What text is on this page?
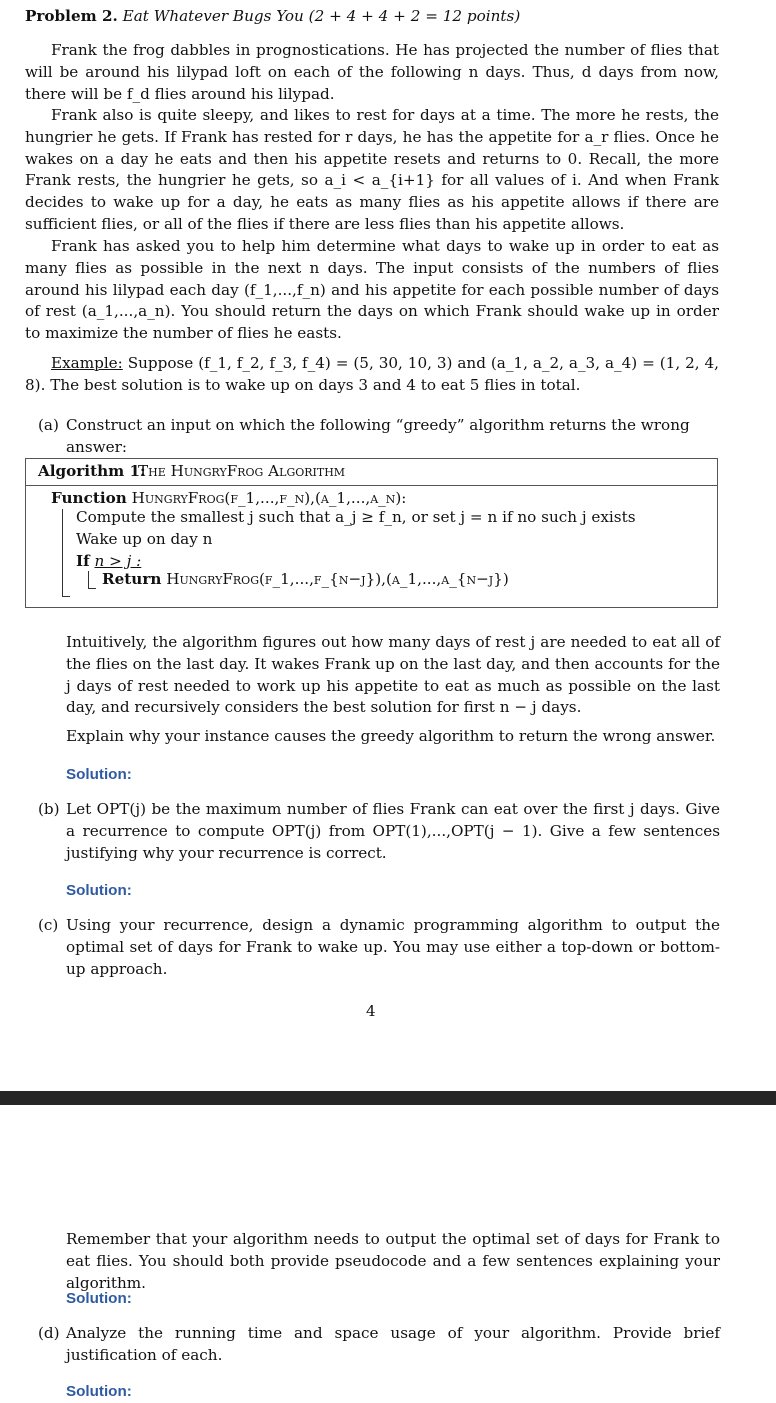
Problem 2. Eat Whatever Bugs You (2 + 4 + 4 + 2 = 12 points)

Frank the frog dabbles in prognostications. He has projected the number of flies that will be around his lilypad loft on each of the following n days. Thus, d days from now, there will be f_d flies around his lilypad.

Frank also is quite sleepy, and likes to rest for days at a time. The more he rests, the hungrier he gets. If Frank has rested for r days, he has the appetite for a_r flies. Once he wakes on a day he eats and then his appetite resets and returns to 0. Recall, the more Frank rests, the hungrier he gets, so a_i < a_{i+1} for all values of i. And when Frank decides to wake up for a day, he eats as many flies as his appetite allows if there are sufficient flies, or all of the flies if there are less flies than his appetite allows.

Frank has asked you to help him determine what days to wake up in order to eat as many flies as possible in the next n days. The input consists of the numbers of flies around his lilypad each day (f_1,...,f_n) and his appetite for each possible number of days of rest (a_1,...,a_n). You should return the days on which Frank should wake up in order to maximize the number of flies he easts.

Example: Suppose (f_1, f_2, f_3, f_4) = (5, 30, 10, 3) and (a_1, a_2, a_3, a_4) = (1, 2, 4, 8). The best solution is to wake up on days 3 and 4 to eat 5 flies in total.

(a) Construct an input on which the following “greedy” algorithm returns the wrong answer:
Algorithm 1:
The HungryFrog Algorithm
Function HungryFrog(f_1,...,f_n),(a_1,...,a_n):
Compute the smallest j such that a_j ≥ f_n, or set j = n if no such j exists
Wake up on day n
If n > j :
Return HungryFrog(f_1,...,f_{n−j}),(a_1,...,a_{n−j})

Intuitively, the algorithm figures out how many days of rest j are needed to eat all of the flies on the last day. It wakes Frank up on the last day, and then accounts for the j days of rest needed to work up his appetite to eat as much as possible on the last day, and recursively considers the best solution for first n − j days.

Explain why your instance causes the greedy algorithm to return the wrong answer.

Solution:
(b) Let OPT(j) be the maximum number of flies Frank can eat over the first j days. Give a recurrence to compute OPT(j) from OPT(1),...,OPT(j − 1). Give a few sentences justifying why your recurrence is correct.

Solution:
(c) Using your recurrence, design a dynamic programming algorithm to output the optimal set of days for Frank to wake up. You may use either a top-down or bottom-up approach.

4

Remember that your algorithm needs to output the optimal set of days for Frank to eat flies. You should both provide pseudocode and a few sentences explaining your algorithm.

Solution:
(d) Analyze the running time and space usage of your algorithm. Provide brief justification of each.

Solution:
